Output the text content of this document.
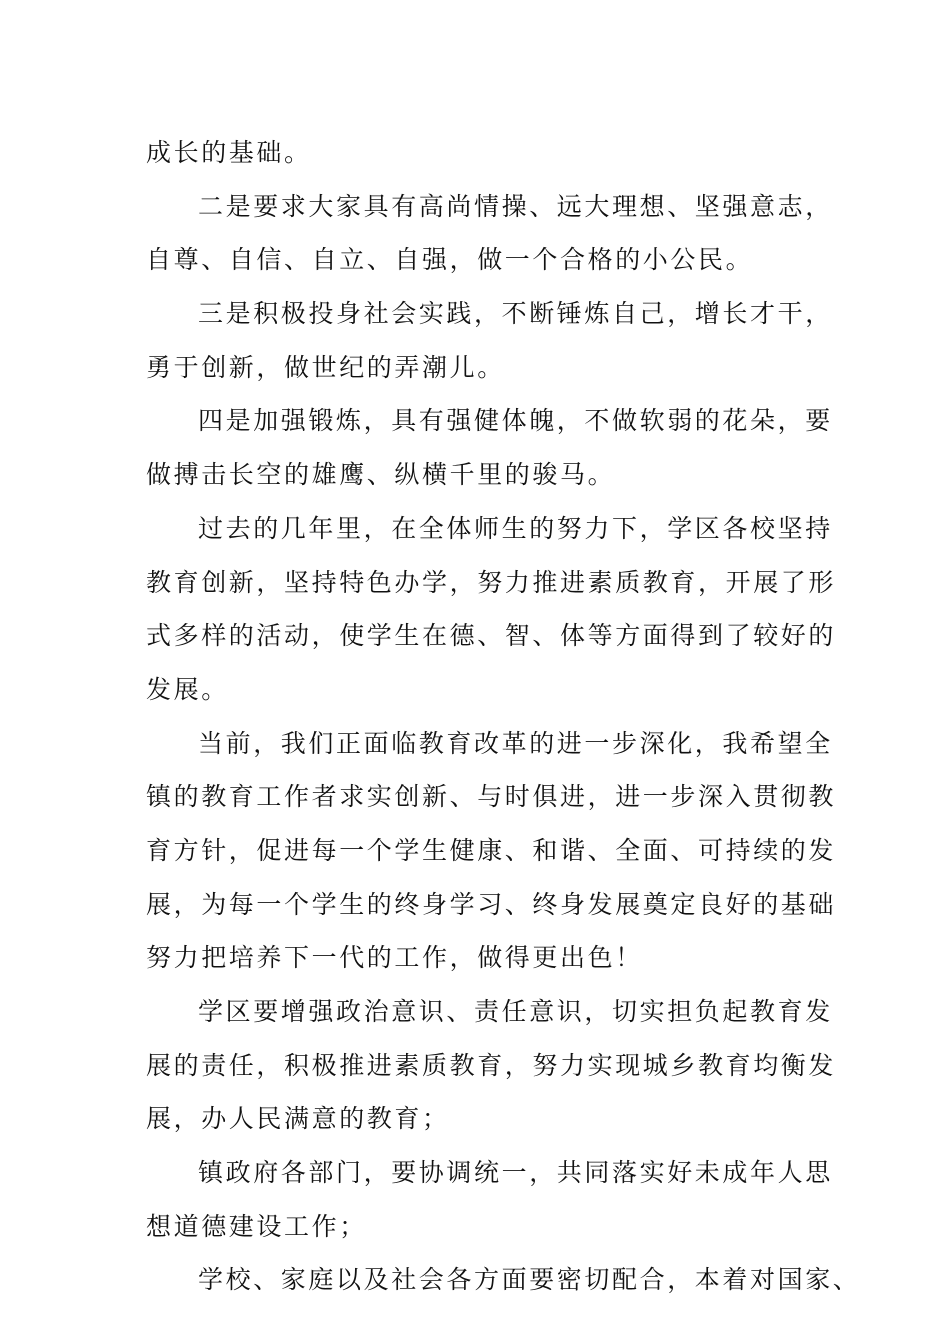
成长的基础。
二是要求大家具有高尚情操、远大理想、坚强意志，
自尊、自信、自立、自强，做一个合格的小公民。
三是积极投身社会实践，不断锤炼自己，增长才干，
勇于创新，做世纪的弄潮儿。
四是加强锻炼，具有强健体魄，不做软弱的花朵，要
做搏击长空的雄鹰、纵横千里的骏马。
过去的几年里，在全体师生的努力下，学区各校坚持
教育创新，坚持特色办学，努力推进素质教育，开展了形
式多样的活动，使学生在德、智、体等方面得到了较好的
发展。
当前，我们正面临教育改革的进一步深化，我希望全
镇的教育工作者求实创新、与时俱进，进一步深入贯彻教
育方针，促进每一个学生健康、和谐、全面、可持续的发
展，为每一个学生的终身学习、终身发展奠定良好的基础
努力把培养下一代的工作，做得更出色！
学区要增强政治意识、责任意识，切实担负起教育发
展的责任，积极推进素质教育，努力实现城乡教育均衡发
展，办人民满意的教育；
镇政府各部门，要协调统一，共同落实好未成年人思
想道德建设工作；
学校、家庭以及社会各方面要密切配合，本着对国家、
